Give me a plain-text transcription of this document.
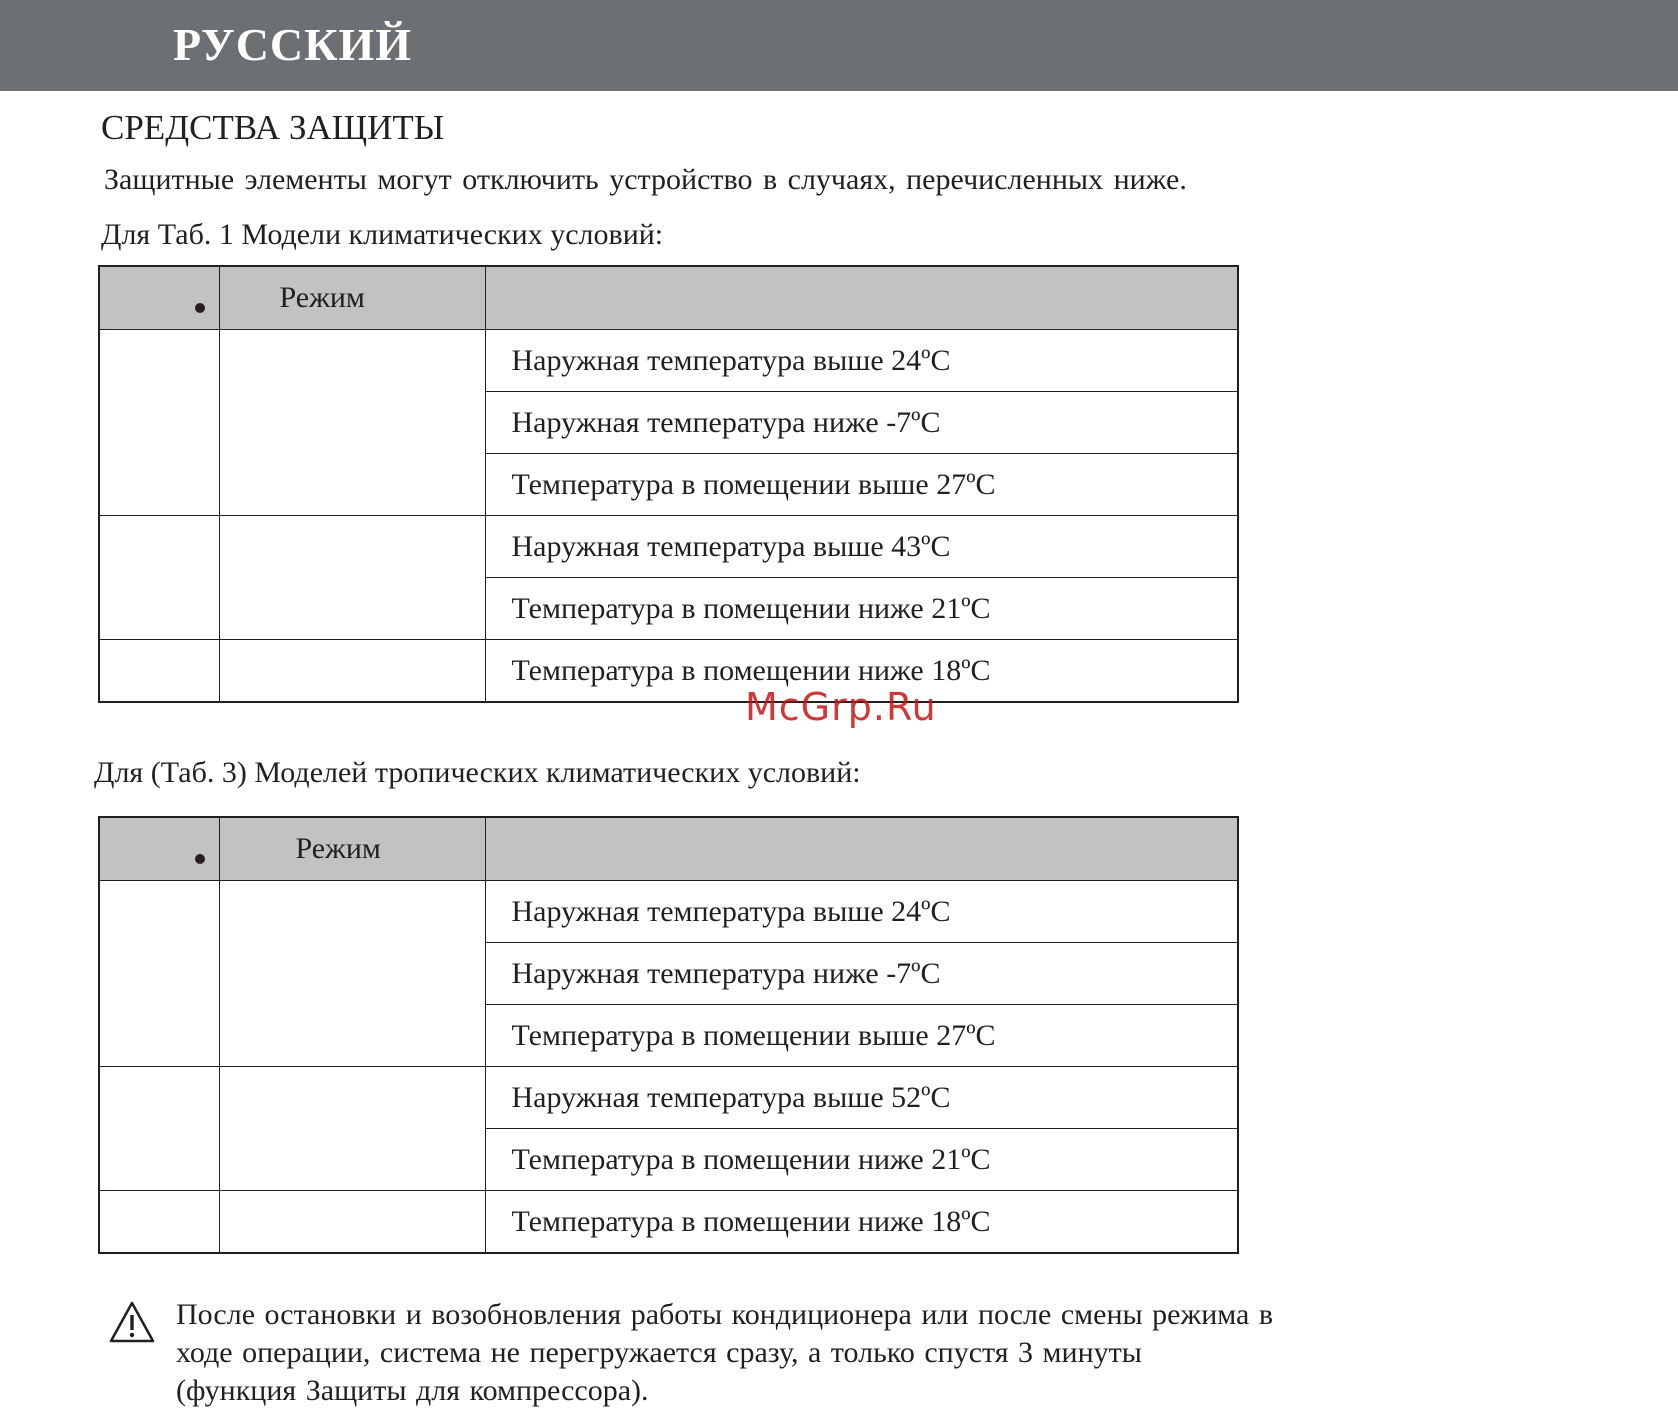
РУССКИЙ
СРЕДСТВА ЗАЩИТЫ
Защитные элементы могут отключить устройство в случаях, перечисленных ниже.
Для Таб. 1 Модели климатических условий:
	Режим	
		Наружная температура выше 24ºC
		Наружная температура ниже -7ºC
		Температура в помещении выше 27ºC
		Наружная температура выше 43ºC
		Температура в помещении ниже 21ºC
		Температура в помещении ниже 18ºC
McGrp.Ru
Для (Таб. 3) Моделей тропических климатических условий:
	Режим	
		Наружная температура выше 24ºC
		Наружная температура ниже -7ºC
		Температура в помещении выше 27ºC
		Наружная температура выше 52ºC
		Температура в помещении ниже 21ºC
		Температура в помещении ниже 18ºC
После остановки и возобновления работы кондиционера или после смены режима в
ходе операции, система не перегружается сразу, а только спустя 3 минуты
(функция Защиты для компрессора).
